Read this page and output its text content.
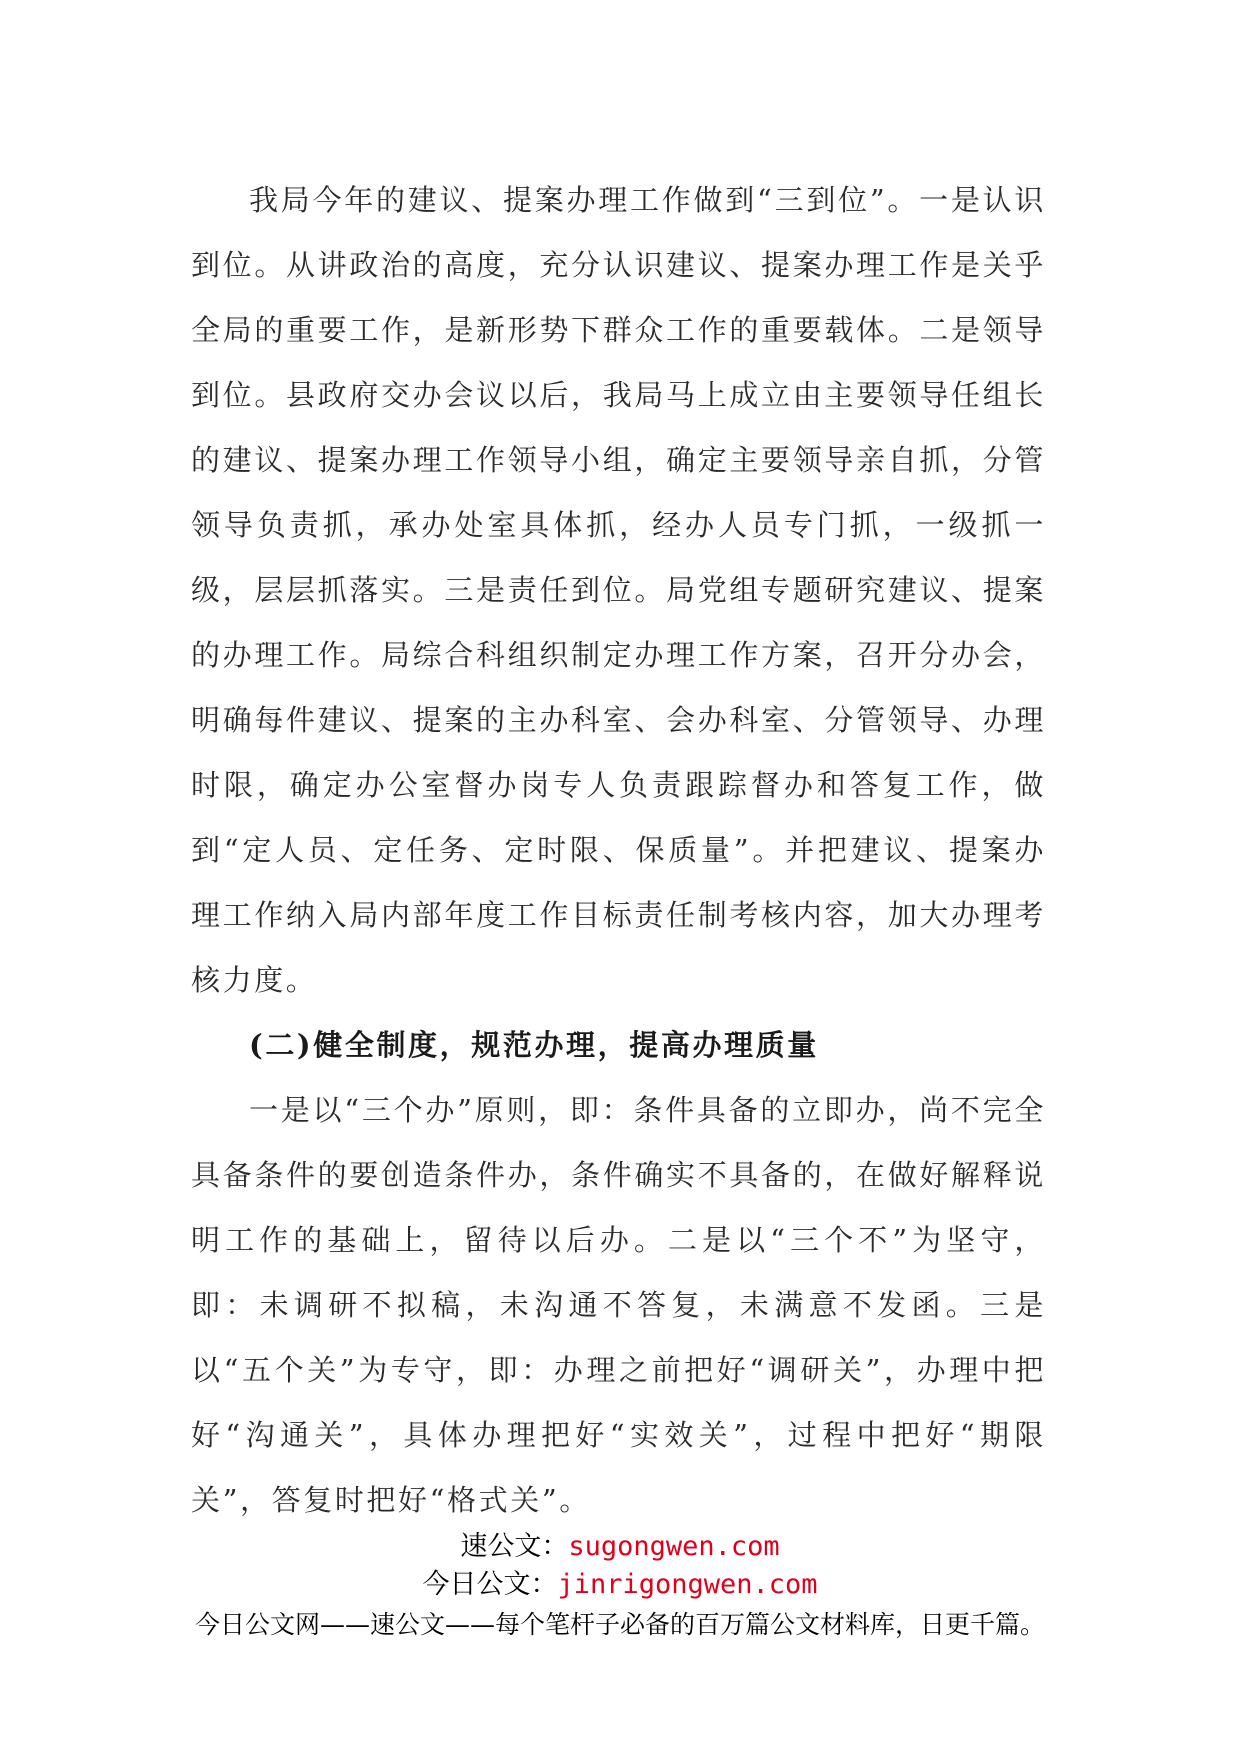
我局今年的建议、提案办理工作做到“三到位”。一是认识到位。从讲政治的高度，充分认识建议、提案办理工作是关乎全局的重要工作，是新形势下群众工作的重要载体。二是领导到位。县政府交办会议以后，我局马上成立由主要领导任组长的建议、提案办理工作领导小组，确定主要领导亲自抓，分管领导负责抓，承办处室具体抓，经办人员专门抓，一级抓一级，层层抓落实。三是责任到位。局党组专题研究建议、提案的办理工作。局综合科组织制定办理工作方案，召开分办会，明确每件建议、提案的主办科室、会办科室、分管领导、办理时限，确定办公室督办岗专人负责跟踪督办和答复工作，做到“定人员、定任务、定时限、保质量”。并把建议、提案办理工作纳入局内部年度工作目标责任制考核内容，加大办理考核力度。

(二)健全制度，规范办理，提高办理质量

一是以“三个办”原则，即：条件具备的立即办，尚不完全具备条件的要创造条件办，条件确实不具备的，在做好解释说明工作的基础上，留待以后办。二是以“三个不”为坚守，即：未调研不拟稿，未沟通不答复，未满意不发函。三是以“五个关”为专守，即：办理之前把好“调研关”，办理中把好“沟通关”，具体办理把好“实效关”，过程中把好“期限关”，答复时把好“格式关”。

速公文：sugongwen.com
今日公文：jinrigongwen.com
今日公文网——速公文——每个笔杆子必备的百万篇公文材料库，日更千篇。
